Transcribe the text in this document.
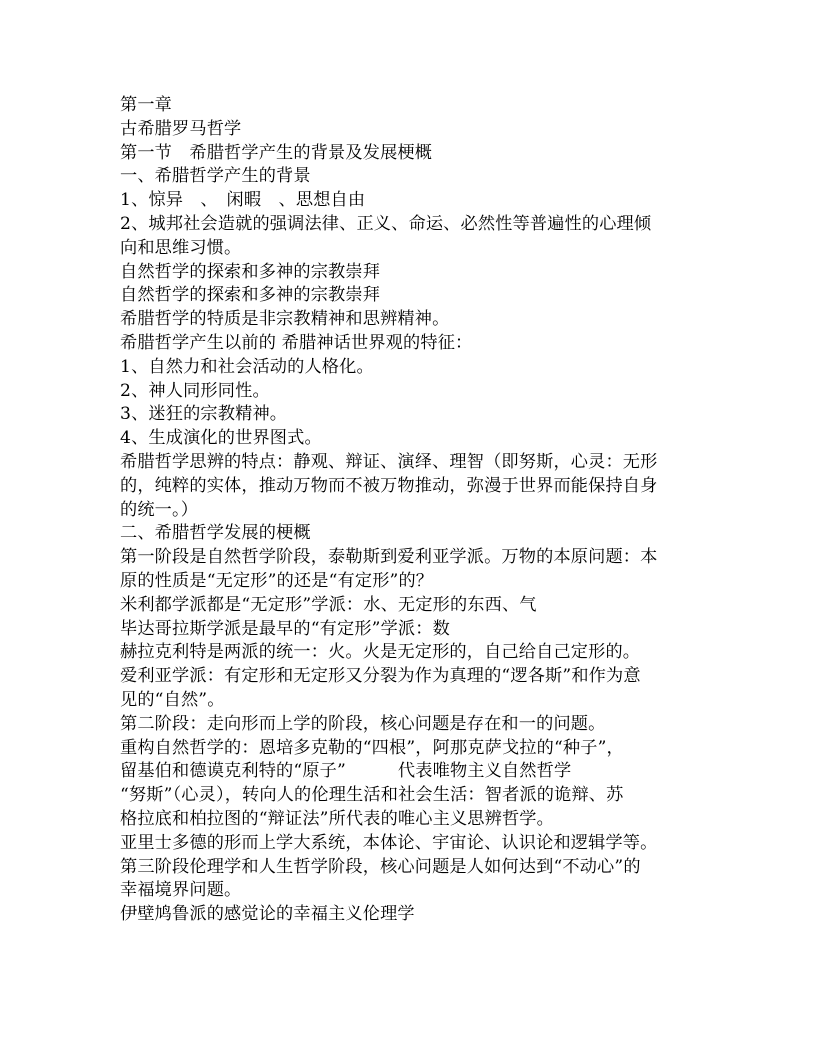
第一章
古希腊罗马哲学
第一节　希腊哲学产生的背景及发展梗概
一、希腊哲学产生的背景
1、惊异　、　闲暇　、思想自由
2、城邦社会造就的强调法律、正义、命运、必然性等普遍性的心理倾
向和思维习惯。
自然哲学的探索和多神的宗教崇拜
自然哲学的探索和多神的宗教崇拜
希腊哲学的特质是非宗教精神和思辨精神。
希腊哲学产生以前的 希腊神话世界观的特征：
1、自然力和社会活动的人格化。
2、神人同形同性。
3、迷狂的宗教精神。
4、生成演化的世界图式。
希腊哲学思辨的特点：静观、辩证、演绎、理智（即努斯，心灵：无形
的，纯粹的实体，推动万物而不被万物推动，弥漫于世界而能保持自身
的统一。）
二、希腊哲学发展的梗概
第一阶段是自然哲学阶段，泰勒斯到爱利亚学派。万物的本原问题：本
原的性质是“无定形”的还是“有定形”的？
米利都学派都是“无定形”学派：水、无定形的东西、气
毕达哥拉斯学派是最早的“有定形”学派：数
赫拉克利特是两派的统一：火。火是无定形的，自己给自己定形的。
爱利亚学派：有定形和无定形又分裂为作为真理的“逻各斯”和作为意
见的“自然”。
第二阶段：走向形而上学的阶段，核心问题是存在和一的问题。
重构自然哲学的：恩培多克勒的“四根”，阿那克萨戈拉的“种子”，
留基伯和德谟克利特的“原子”　　　代表唯物主义自然哲学
“努斯”（心灵），转向人的伦理生活和社会生活：智者派的诡辩、苏
格拉底和柏拉图的“辩证法”所代表的唯心主义思辨哲学。
亚里士多德的形而上学大系统，本体论、宇宙论、认识论和逻辑学等。
第三阶段伦理学和人生哲学阶段，核心问题是人如何达到“不动心”的
幸福境界问题。
伊壁鸠鲁派的感觉论的幸福主义伦理学
